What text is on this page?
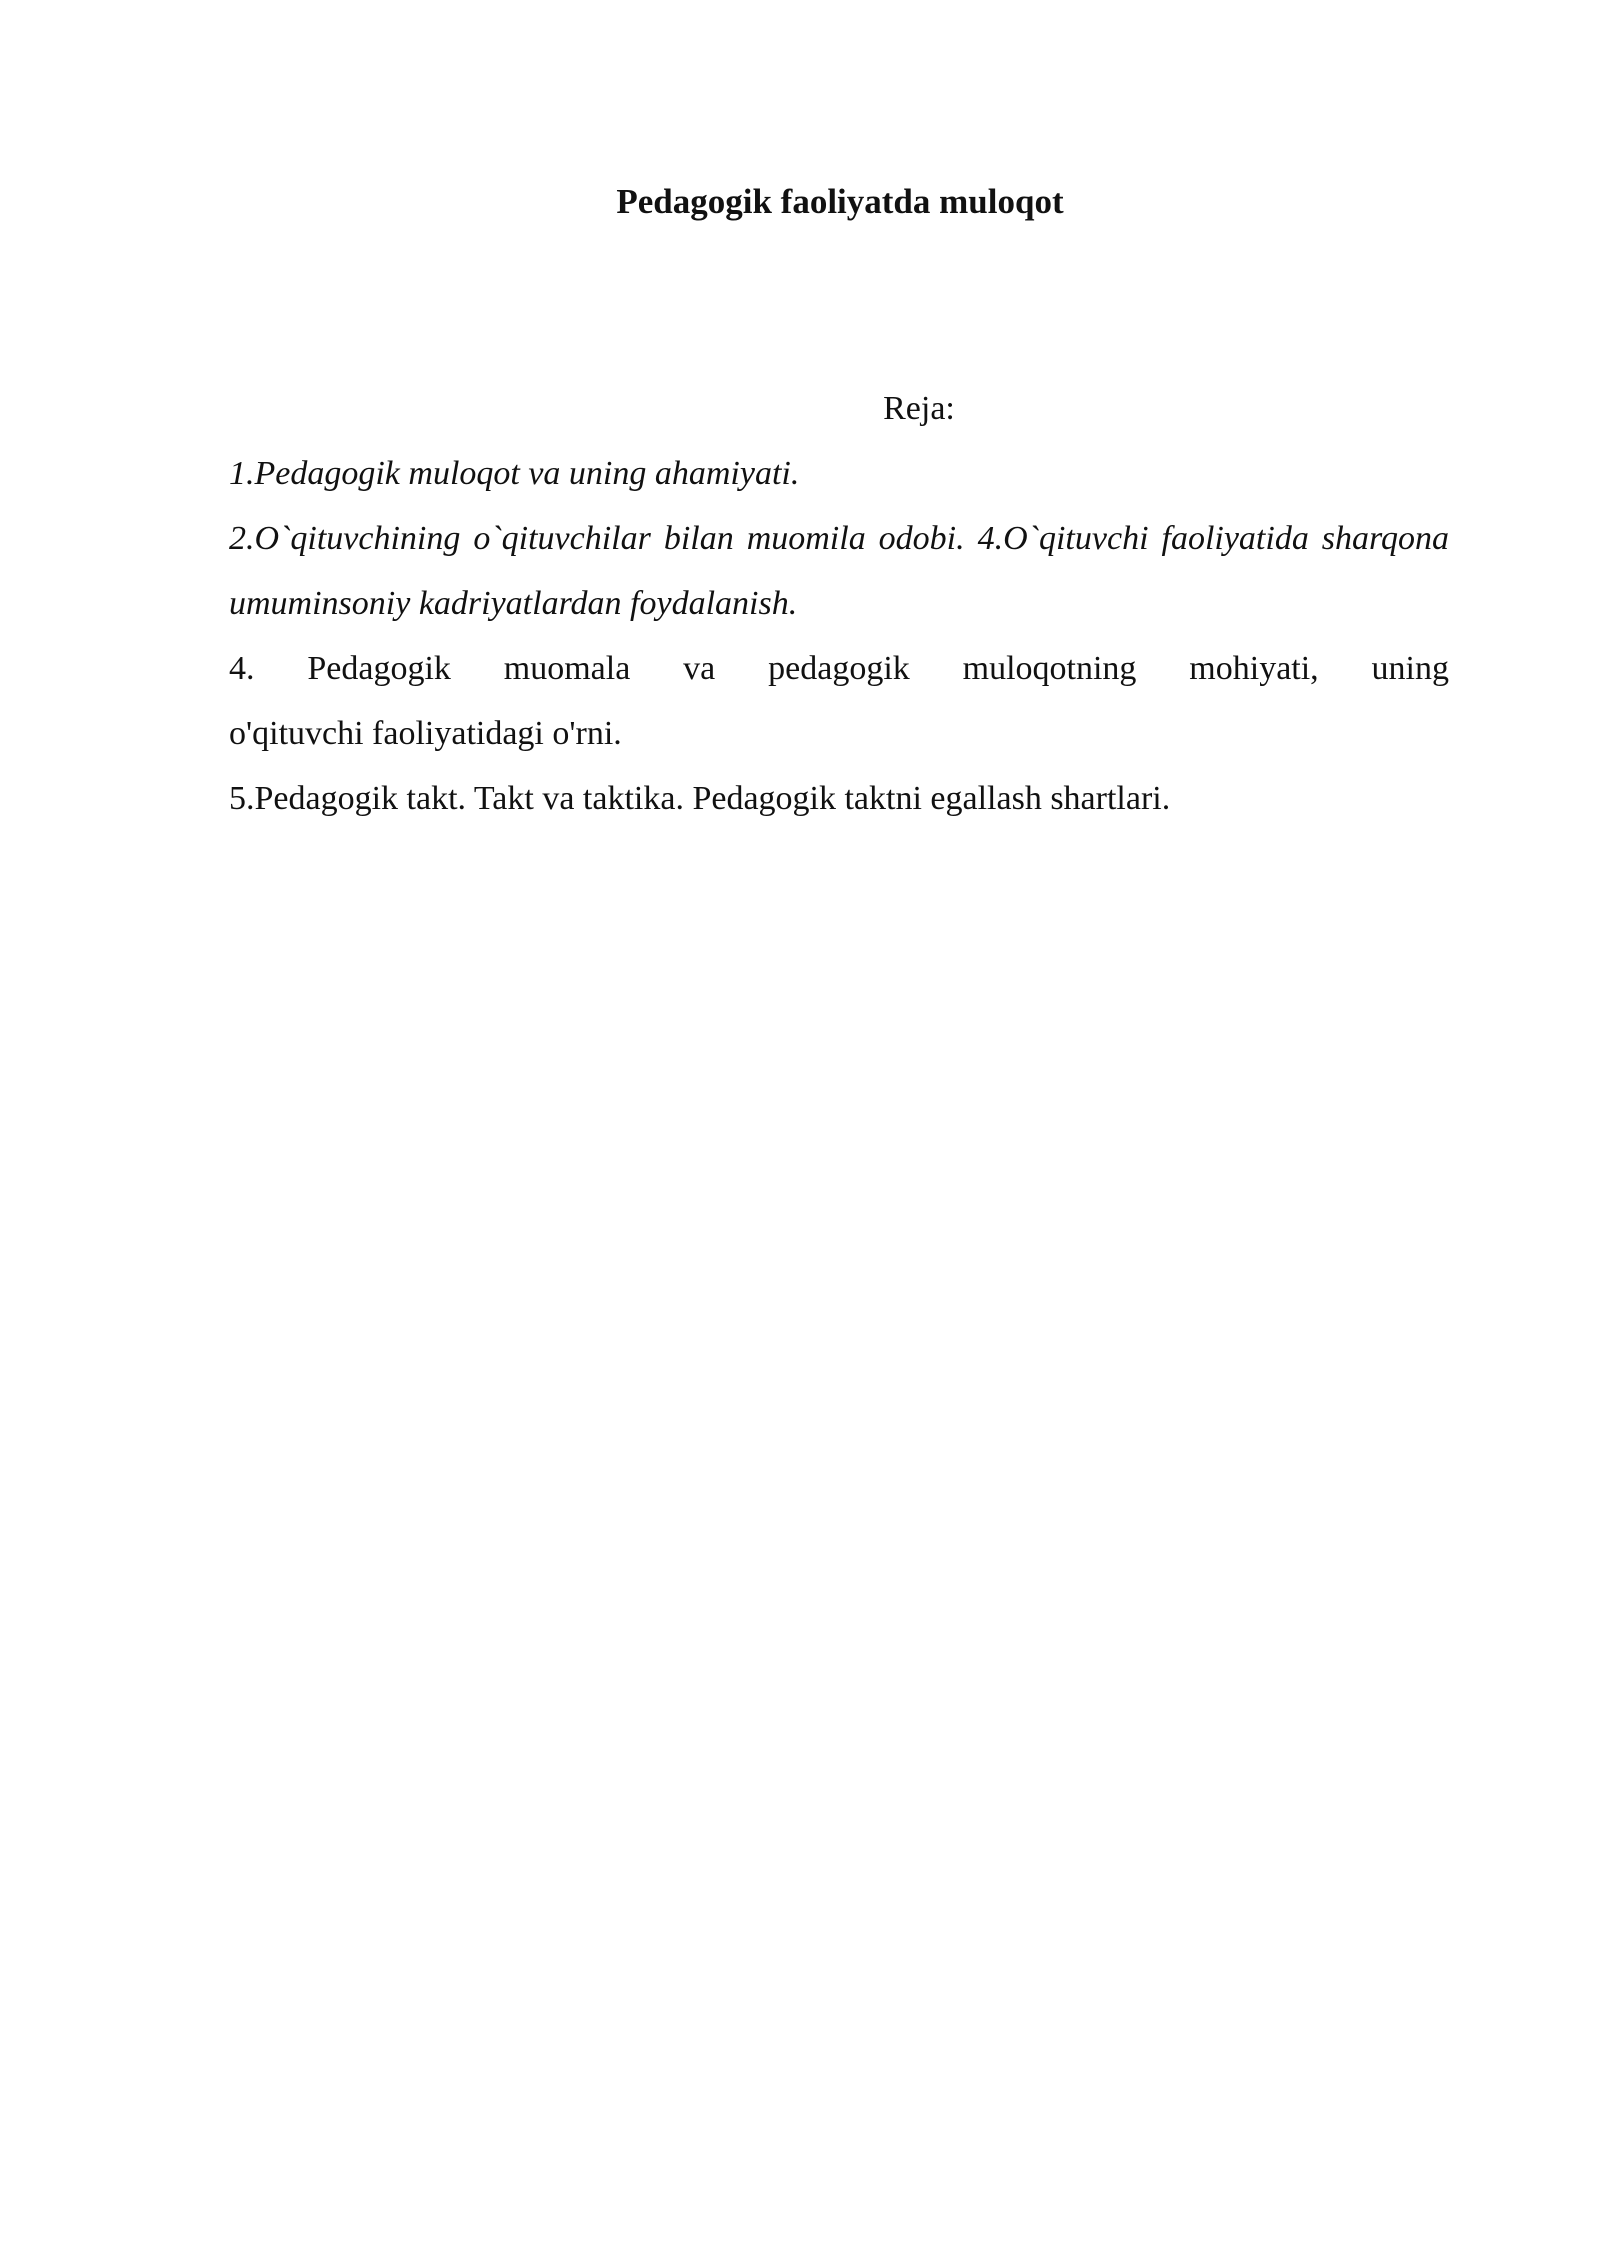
Pedagogik faoliyatda muloqot

Reja:

1.Pedagogik muloqot va uning ahamiyati.

2.O`qituvchining o`qituvchilar bilan muomila odobi. 4.O`qituvchi faoliyatida sharqona umuminsoniy kadriyatlardan foydalanish.

4. Pedagogik muomala va pedagogik muloqotning mohiyati, uning
o'qituvchi faoliyatidagi o'rni.

5.Pedagogik takt. Takt va taktika. Pedagogik taktni egallash shartlari.
